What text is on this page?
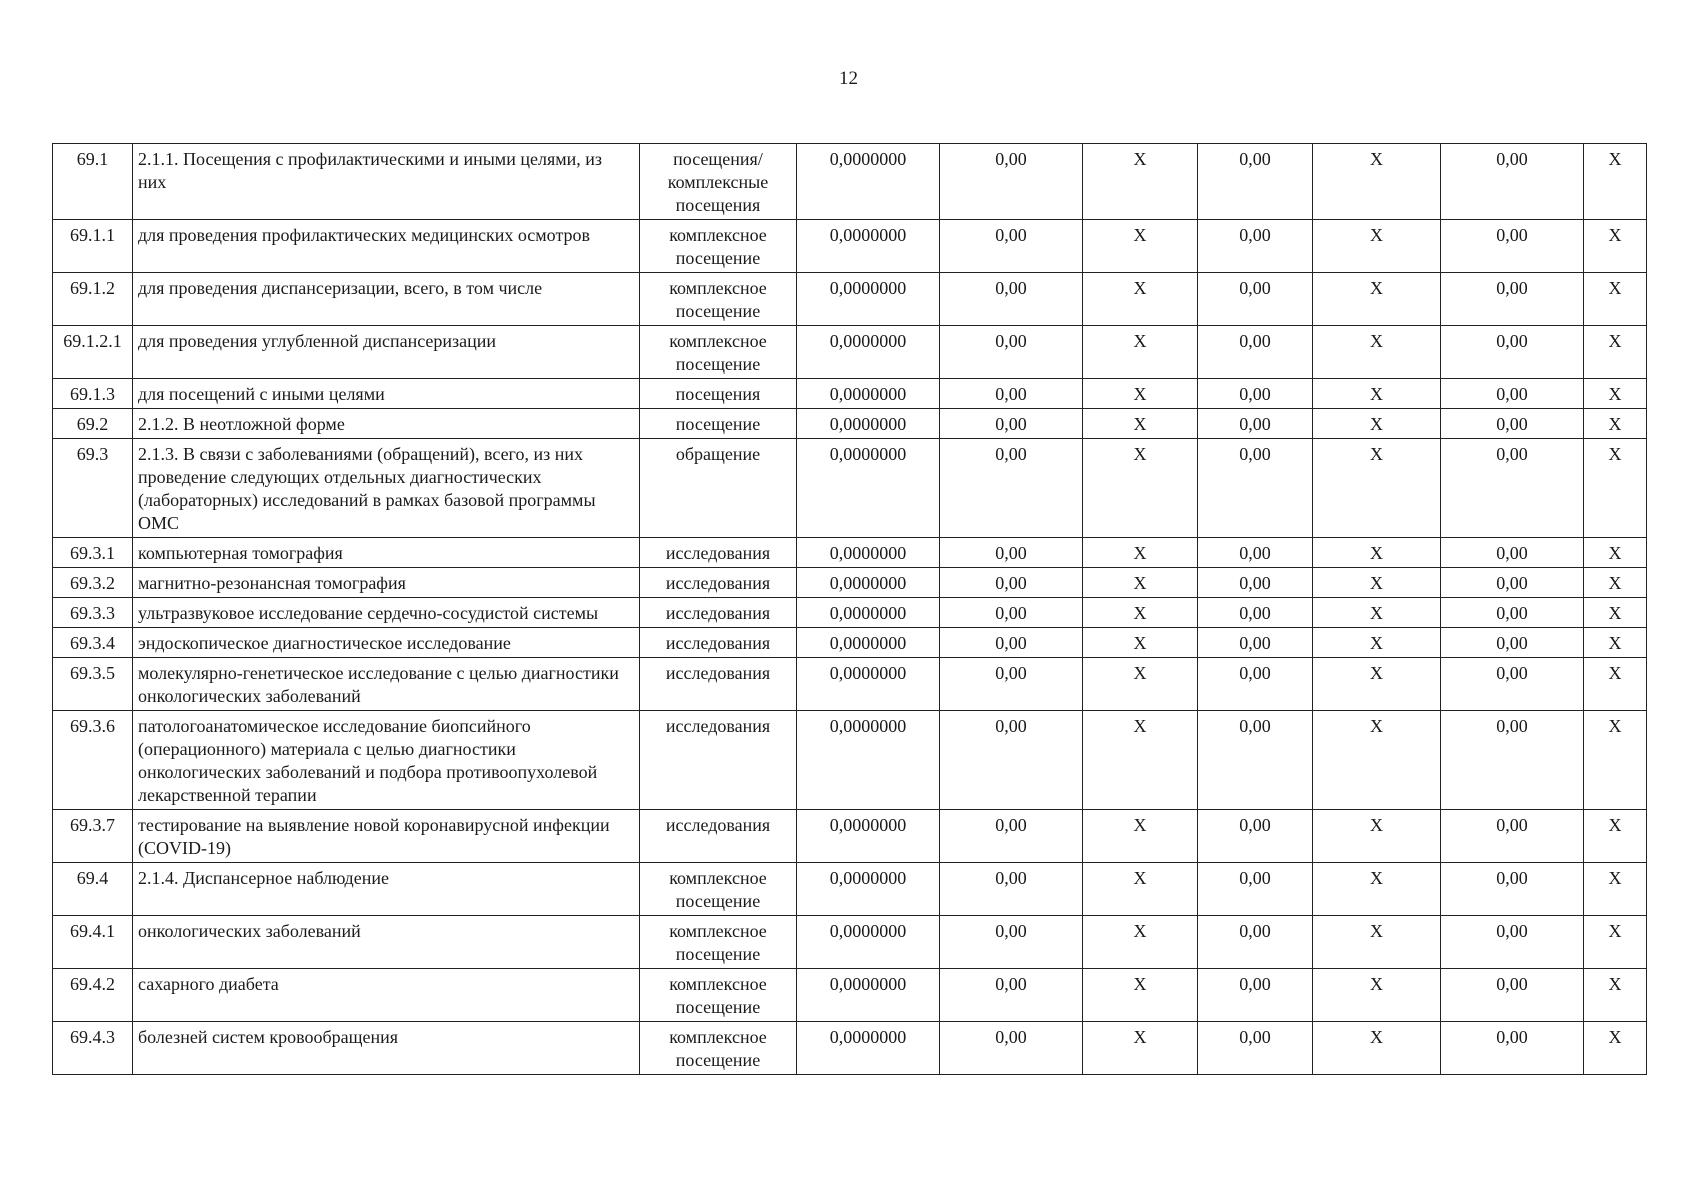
12
69.1	2.1.1. Посещения с профилактическими и иными целями, из них	посещения/ комплексные посещения	0,0000000	0,00	X	0,00	X	0,00	X
69.1.1	для проведения профилактических медицинских осмотров	комплексное посещение	0,0000000	0,00	X	0,00	X	0,00	X
69.1.2	для проведения диспансеризации, всего, в том числе	комплексное посещение	0,0000000	0,00	X	0,00	X	0,00	X
69.1.2.1	для проведения углубленной диспансеризации	комплексное посещение	0,0000000	0,00	X	0,00	X	0,00	X
69.1.3	для посещений с иными целями	посещения	0,0000000	0,00	X	0,00	X	0,00	X
69.2	2.1.2. В неотложной форме	посещение	0,0000000	0,00	X	0,00	X	0,00	X
69.3	2.1.3. В связи с заболеваниями (обращений), всего, из них проведение следующих отдельных диагностических (лабораторных) исследований в рамках базовой программы ОМС	обращение	0,0000000	0,00	X	0,00	X	0,00	X
69.3.1	компьютерная томография	исследования	0,0000000	0,00	X	0,00	X	0,00	X
69.3.2	магнитно-резонансная томография	исследования	0,0000000	0,00	X	0,00	X	0,00	X
69.3.3	ультразвуковое исследование сердечно-сосудистой системы	исследования	0,0000000	0,00	X	0,00	X	0,00	X
69.3.4	эндоскопическое диагностическое исследование	исследования	0,0000000	0,00	X	0,00	X	0,00	X
69.3.5	молекулярно-генетическое исследование с целью диагностики онкологических заболеваний	исследования	0,0000000	0,00	X	0,00	X	0,00	X
69.3.6	патологоанатомическое исследование биопсийного (операционного) материала с целью диагностики онкологических заболеваний и подбора противоопухолевой лекарственной терапии	исследования	0,0000000	0,00	X	0,00	X	0,00	X
69.3.7	тестирование на выявление новой коронавирусной инфекции (COVID-19)	исследования	0,0000000	0,00	X	0,00	X	0,00	X
69.4	2.1.4. Диспансерное наблюдение	комплексное посещение	0,0000000	0,00	X	0,00	X	0,00	X
69.4.1	онкологических заболеваний	комплексное посещение	0,0000000	0,00	X	0,00	X	0,00	X
69.4.2	сахарного диабета	комплексное посещение	0,0000000	0,00	X	0,00	X	0,00	X
69.4.3	болезней систем кровообращения	комплексное посещение	0,0000000	0,00	X	0,00	X	0,00	X
